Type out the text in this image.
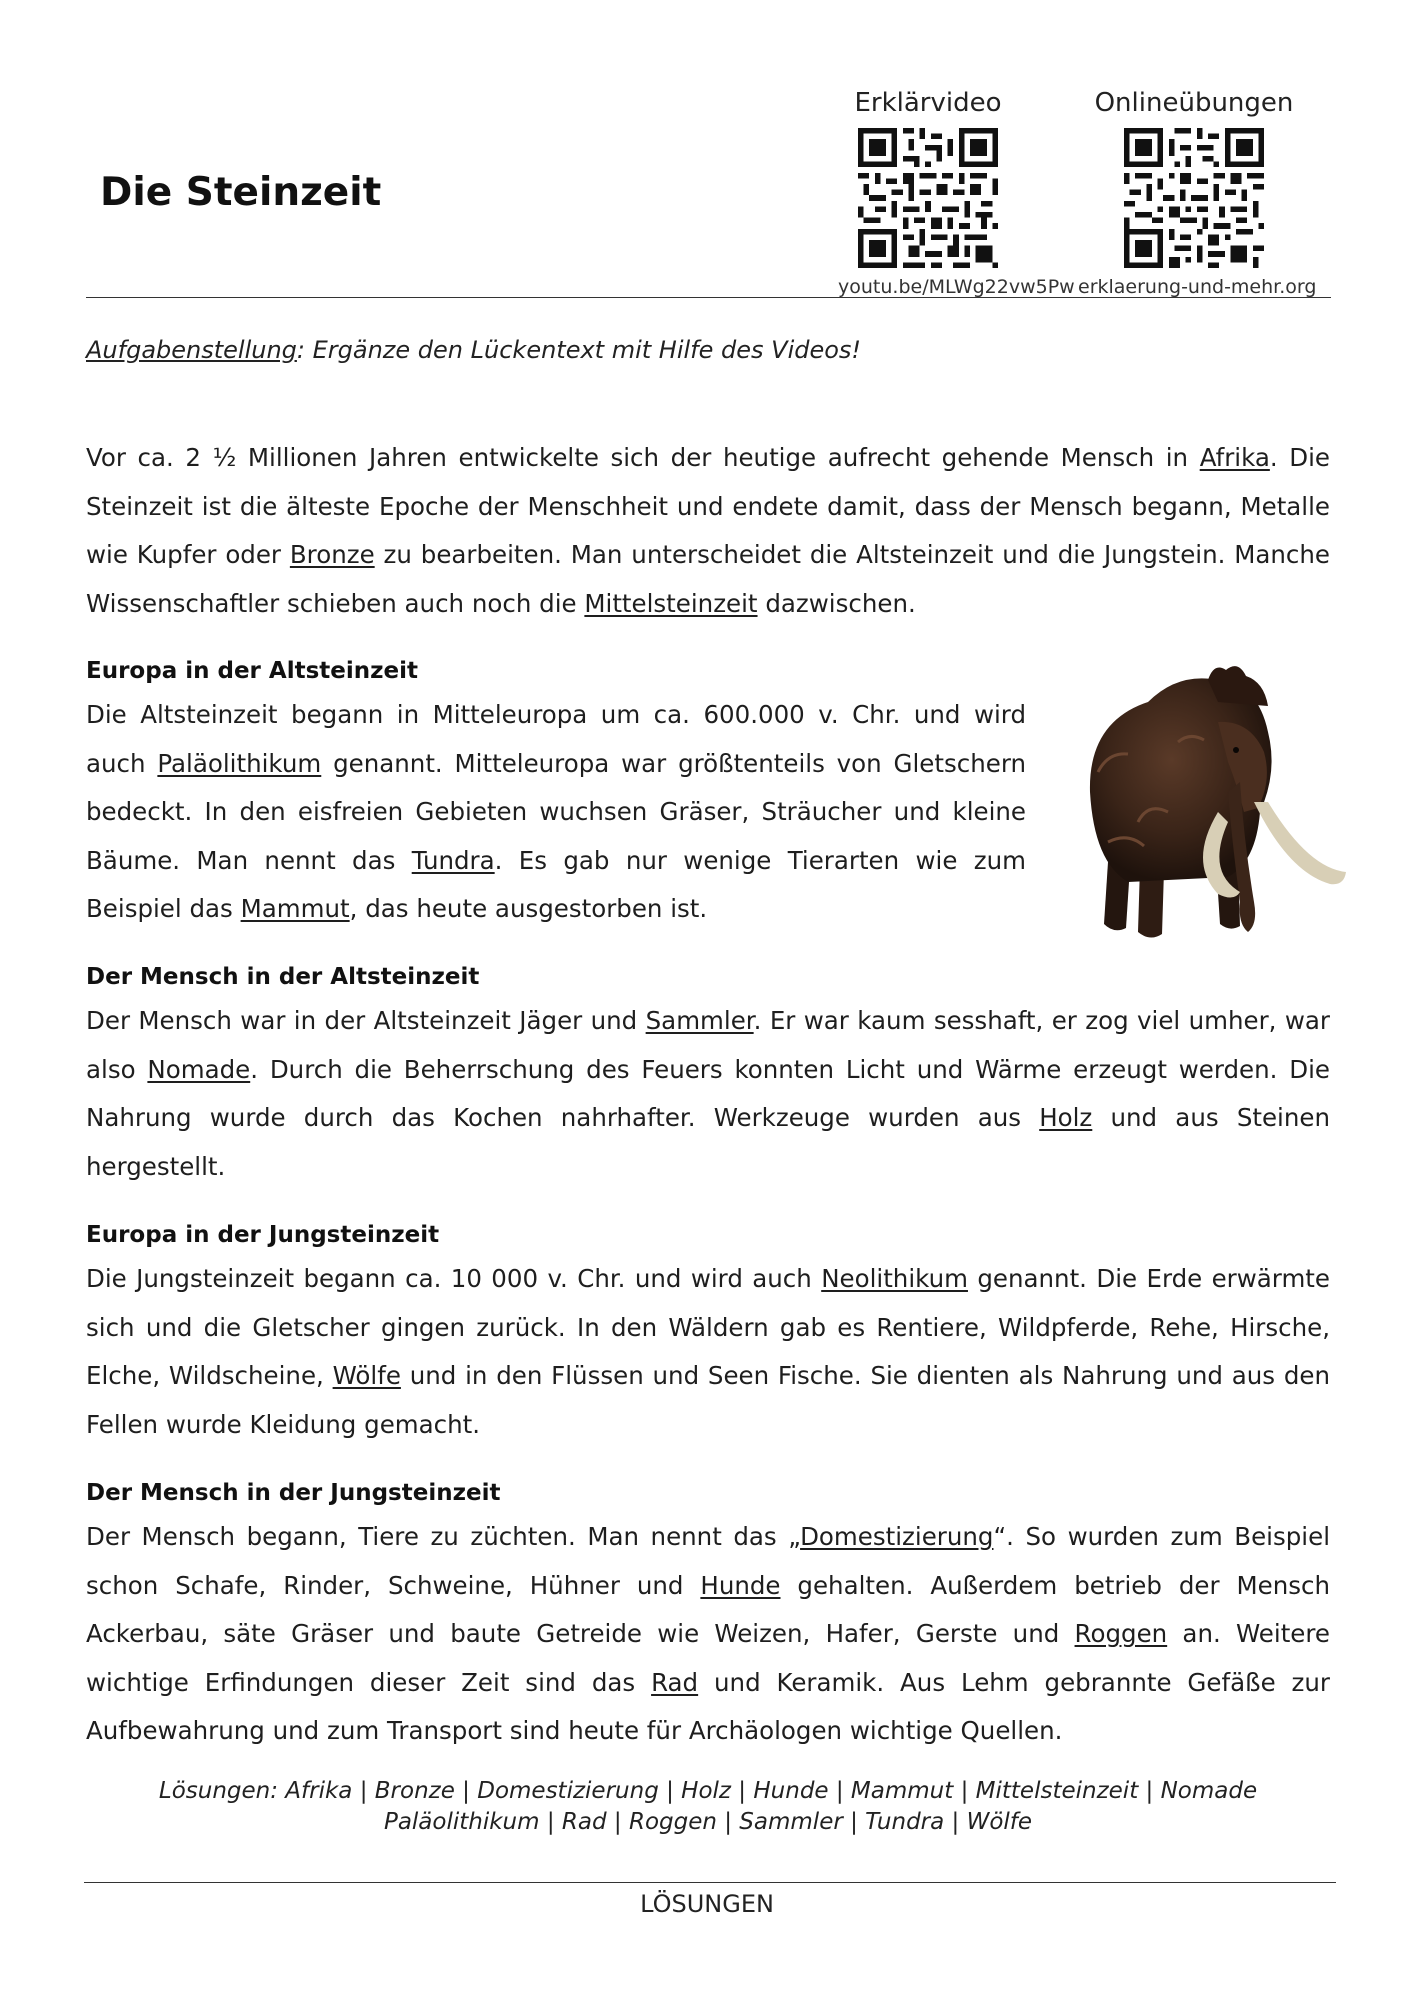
Die Steinzeit
Erklärvideo
youtu.be/MLWg22vw5Pw
Onlineübungen
erklaerung-und-mehr.org

Aufgabenstellung: Ergänze den Lückentext mit Hilfe des Videos!

Vor ca. 2 ½ Millionen Jahren entwickelte sich der heutige aufrecht gehende Mensch in Afrika. Die Steinzeit ist die älteste Epoche der Menschheit und endete damit, dass der Mensch begann, Metalle wie Kupfer oder Bronze zu bearbeiten. Man unterscheidet die Altsteinzeit und die Jungstein. Manche Wissenschaftler schieben auch noch die Mittelsteinzeit dazwischen.

Europa in der Altsteinzeit

Die Altsteinzeit begann in Mitteleuropa um ca. 600.000 v. Chr. und wird auch Paläolithikum genannt. Mitteleuropa war größtenteils von Gletschern bedeckt. In den eisfreien Gebieten wuchsen Gräser, Sträucher und kleine Bäume. Man nennt das Tundra. Es gab nur wenige Tierarten wie zum Beispiel das Mammut, das heute ausgestorben ist.

Der Mensch in der Altsteinzeit

Der Mensch war in der Altsteinzeit Jäger und Sammler. Er war kaum sesshaft, er zog viel umher, war also Nomade. Durch die Beherrschung des Feuers konnten Licht und Wärme erzeugt werden. Die Nahrung wurde durch das Kochen nahrhafter. Werkzeuge wurden aus Holz und aus Steinen hergestellt.

Europa in der Jungsteinzeit

Die Jungsteinzeit begann ca. 10 000 v. Chr. und wird auch Neolithikum genannt. Die Erde erwärmte sich und die Gletscher gingen zurück. In den Wäldern gab es Rentiere, Wildpferde, Rehe, Hirsche, Elche, Wildscheine, Wölfe und in den Flüssen und Seen Fische. Sie dienten als Nahrung und aus den Fellen wurde Kleidung gemacht.

Der Mensch in der Jungsteinzeit

Der Mensch begann, Tiere zu züchten. Man nennt das „Domestizierung“. So wurden zum Beispiel schon Schafe, Rinder, Schweine, Hühner und Hunde gehalten. Außerdem betrieb der Mensch Ackerbau, säte Gräser und baute Getreide wie Weizen, Hafer, Gerste und Roggen an. Weitere wichtige Erfindungen dieser Zeit sind das Rad und Keramik. Aus Lehm gebrannte Gefäße zur Aufbewahrung und zum Transport sind heute für Archäologen wichtige Quellen.

Lösungen: Afrika | Bronze | Domestizierung | Holz | Hunde | Mammut | Mittelsteinzeit | Nomade
Paläolithikum | Rad | Roggen | Sammler | Tundra | Wölfe
LÖSUNGEN
